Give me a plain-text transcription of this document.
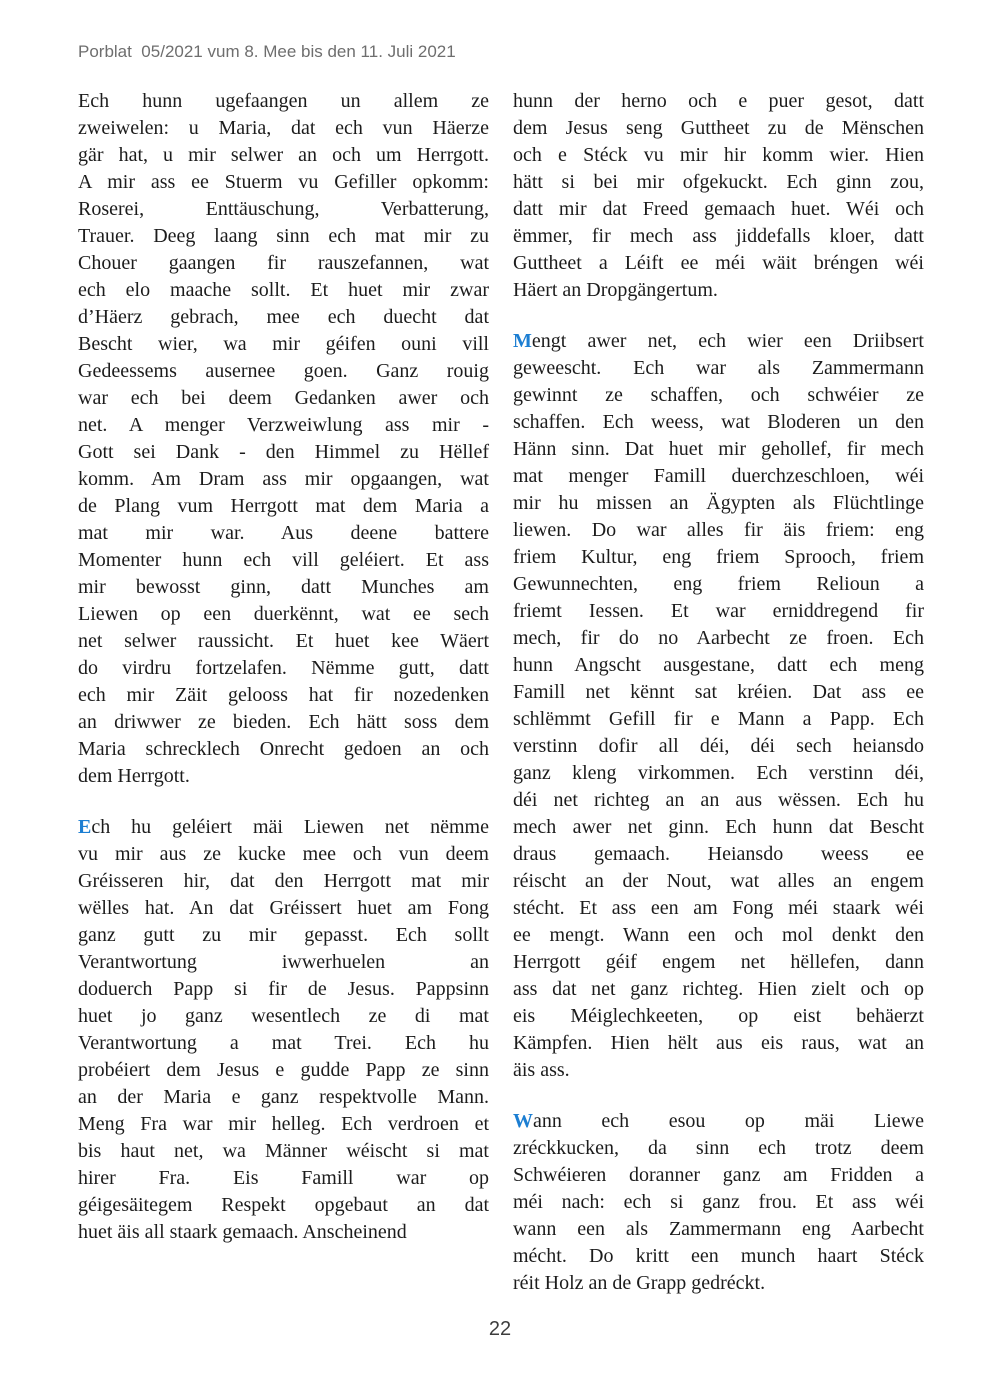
Porblat  05/2021 vum 8. Mee bis den 11. Juli 2021

Ech hunn ugefaangen un allem ze
zweiwelen: u Maria, dat ech vun Häerze
gär hat, u mir selwer an och um Herrgott.
A mir ass ee Stuerm vu Gefiller opkomm:
Roserei, Enttäuschung, Verbatterung,
Trauer. Deeg laang sinn ech mat mir zu
Chouer gaangen fir rauszefannen, wat
ech elo maache sollt. Et huet mir zwar
d’Häerz gebrach, mee ech duecht dat
Bescht wier, wa mir géifen ouni vill
Gedeessems ausernee goen. Ganz rouig
war ech bei deem Gedanken awer och
net. A menger Verzweiwlung ass mir -
Gott sei Dank - den Himmel zu Hëllef
komm. Am Dram ass mir opgaangen, wat
de Plang vum Herrgott mat dem Maria a
mat mir war. Aus deene battere
Momenter hunn ech vill geléiert. Et ass
mir bewosst ginn, datt Munches am
Liewen op een duerkënnt, wat ee sech
net selwer raussicht. Et huet kee Wäert
do virdru fortzelafen. Nëmme gutt, datt
ech mir Zäit gelooss hat fir nozedenken
an driwwer ze bieden. Ech hätt soss dem
Maria schrecklech Onrecht gedoen an och
dem Herrgott.

Ech hu geléiert mäi Liewen net nëmme
vu mir aus ze kucke mee och vun deem
Gréisseren hir, dat den Herrgott mat mir
wëlles hat. An dat Gréissert huet am Fong
ganz gutt zu mir gepasst. Ech sollt
Verantwortung iwwerhuelen an
doduerch Papp si fir de Jesus. Pappsinn
huet jo ganz wesentlech ze di mat
Verantwortung a mat Trei. Ech hu
probéiert dem Jesus e gudde Papp ze sinn
an der Maria e ganz respektvolle Mann.
Meng Fra war mir helleg. Ech verdroen et
bis haut net, wa Männer wéischt si mat
hirer Fra. Eis Famill war op
géigesäitegem Respekt opgebaut an dat
huet äis all staark gemaach. Anscheinend

hunn der herno och e puer gesot, datt
dem Jesus seng Guttheet zu de Mënschen
och e Stéck vu mir hir komm wier. Hien
hätt si bei mir ofgekuckt. Ech ginn zou,
datt mir dat Freed gemaach huet. Wéi och
ëmmer, fir mech ass jiddefalls kloer, datt
Guttheet a Léift ee méi wäit bréngen wéi
Häert an Dropgängertum.

Mengt awer net, ech wier een Driibsert
geweescht. Ech war als Zammermann
gewinnt ze schaffen, och schwéier ze
schaffen. Ech weess, wat Bloderen un den
Hänn sinn. Dat huet mir gehollef, fir mech
mat menger Famill duerchzeschloen, wéi
mir hu missen an Ägypten als Flüchtlinge
liewen. Do war alles fir äis friem: eng
friem Kultur, eng friem Sprooch, friem
Gewunnechten, eng friem Relioun a
friemt Iessen. Et war erniddregend fir
mech, fir do no Aarbecht ze froen. Ech
hunn Angscht ausgestane, datt ech meng
Famill net kënnt sat kréien. Dat ass ee
schlëmmt Gefill fir e Mann a Papp. Ech
verstinn dofir all déi, déi sech heiansdo
ganz kleng virkommen. Ech verstinn déi,
déi net richteg an an aus wëssen. Ech hu
mech awer net ginn. Ech hunn dat Bescht
draus gemaach. Heiansdo weess ee
réischt an der Nout, wat alles an engem
stécht. Et ass een am Fong méi staark wéi
ee mengt. Wann een och mol denkt den
Herrgott géif engem net hëllefen, dann
ass dat net ganz richteg. Hien zielt och op
eis Méiglechkeeten, op eist behäerzt
Kämpfen. Hien hëlt aus eis raus, wat an
äis ass.

Wann ech esou op mäi Liewe
zréckkucken, da sinn ech trotz deem
Schwéieren doranner ganz am Fridden a
méi nach: ech si ganz frou. Et ass wéi
wann een als Zammermann eng Aarbecht
mécht. Do kritt een munch haart Stéck
réit Holz an de Grapp gedréckt.

22
